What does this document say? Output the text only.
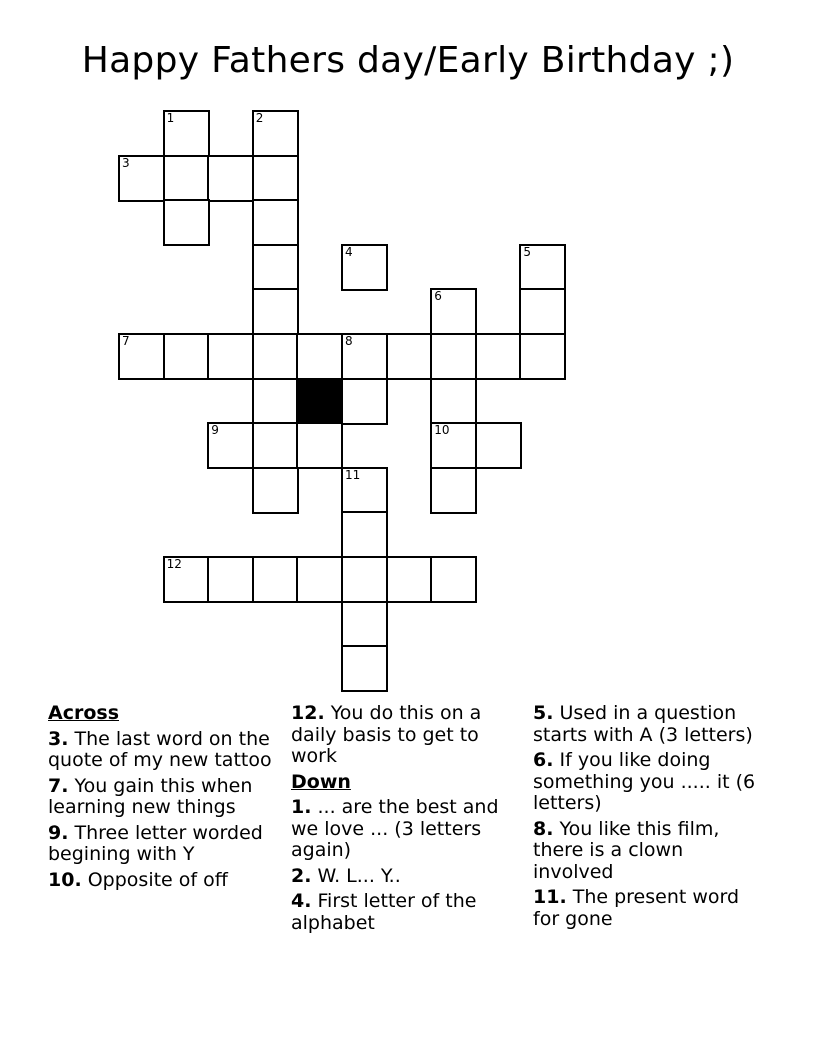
Happy Fathers day/Early Birthday ;)
1	2
3
4	5
6
7	8
9	10
11
12
Across
3. The last word on the quote of my new tattoo
7. You gain this when learning new things
9. Three letter worded begining with Y
10. Opposite of off
12. You do this on a daily basis to get to work
Down
1. ... are the best and we love ... (3 letters again)
2. W. L... Y..
4. First letter of the alphabet
5. Used in a question starts with A (3 letters)
6. If you like doing something you ..... it (6 letters)
8. You like this film, there is a clown involved
11. The present word for gone
